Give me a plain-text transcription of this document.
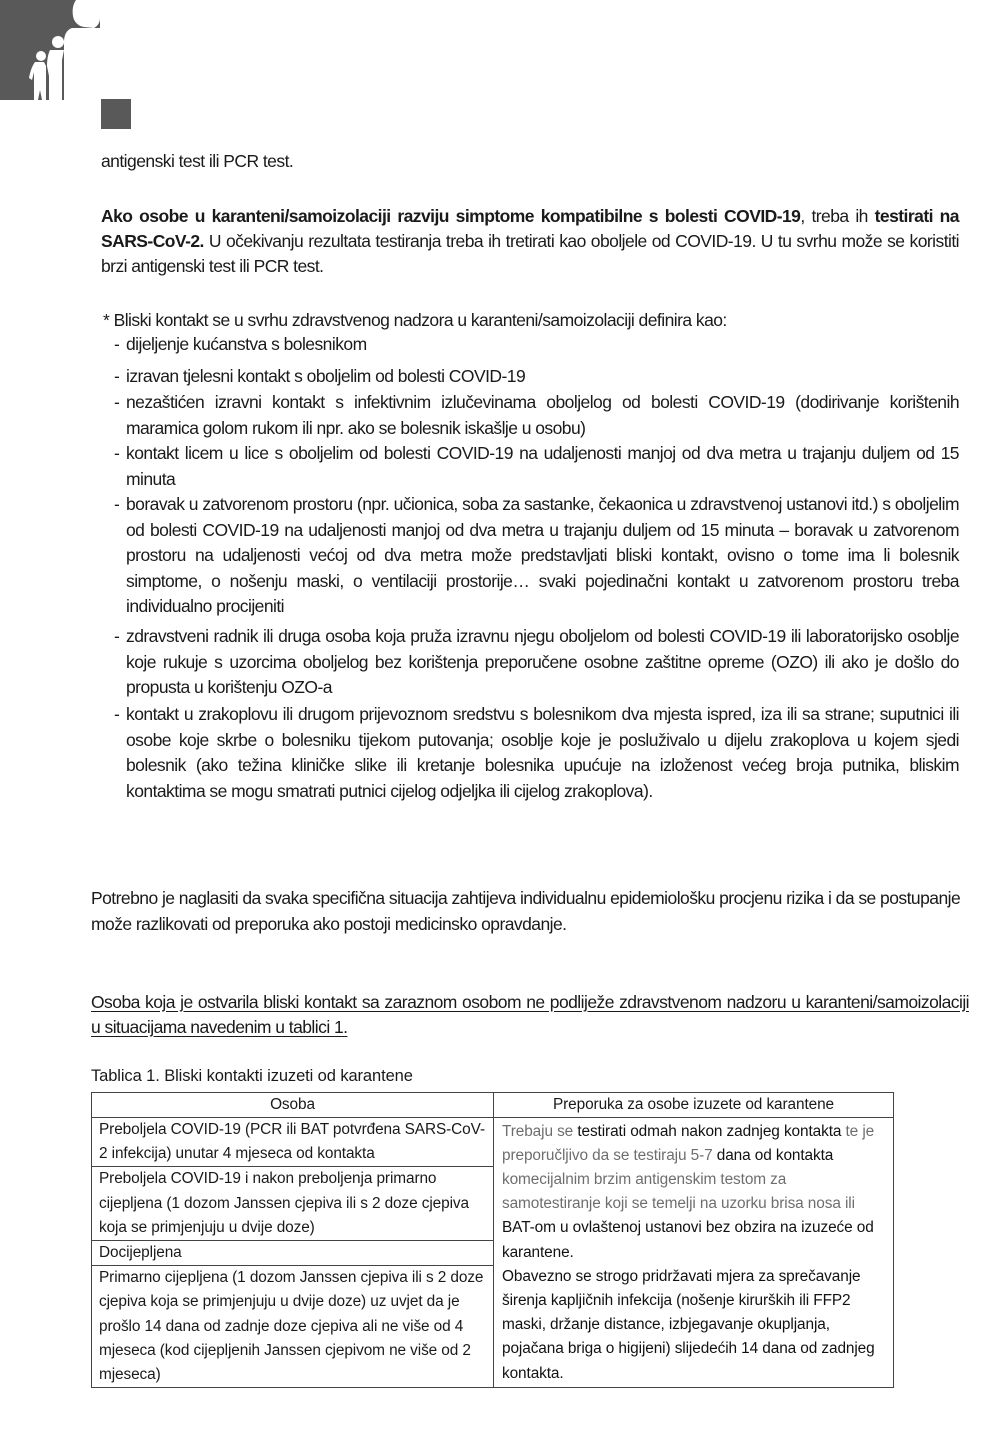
antigenski test ili PCR test.
Ako osobe u karanteni/samoizolaciji razviju simptome kompatibilne s bolesti COVID-19, treba ih testirati na SARS-CoV-2. U očekivanju rezultata testiranja treba ih tretirati kao oboljele od COVID-19. U tu svrhu može se koristiti brzi antigenski test ili PCR test.
* Bliski kontakt se u svrhu zdravstvenog nadzora u karanteni/samoizolaciji definira kao:
- dijeljenje kućanstva s bolesnikom
- izravan tjelesni kontakt s oboljelim od bolesti COVID-19
- nezaštićen izravni kontakt s infektivnim izlučevinama oboljelog od bolesti COVID-19 (dodirivanje korištenih maramica golom rukom ili npr. ako se bolesnik iskašlje u osobu)
- kontakt licem u lice s oboljelim od bolesti COVID-19 na udaljenosti manjoj od dva metra u trajanju duljem od 15 minuta
- boravak u zatvorenom prostoru (npr. učionica, soba za sastanke, čekaonica u zdravstvenoj ustanovi itd.) s oboljelim od bolesti COVID-19 na udaljenosti manjoj od dva metra u trajanju duljem od 15 minuta – boravak u zatvorenom prostoru na udaljenosti većoj od dva metra može predstavljati bliski kontakt, ovisno o tome ima li bolesnik simptome, o nošenju maski, o ventilaciji prostorije… svaki pojedinačni kontakt u zatvorenom prostoru treba individualno procijeniti
- zdravstveni radnik ili druga osoba koja pruža izravnu njegu oboljelom od bolesti COVID-19 ili laboratorijsko osoblje koje rukuje s uzorcima oboljelog bez korištenja preporučene osobne zaštitne opreme (OZO) ili ako je došlo do propusta u korištenju OZO-a
- kontakt u zrakoplovu ili drugom prijevoznom sredstvu s bolesnikom dva mjesta ispred, iza ili sa strane; suputnici ili osobe koje skrbe o bolesniku tijekom putovanja; osoblje koje je posluživalo u dijelu zrakoplova u kojem sjedi bolesnik (ako težina kliničke slike ili kretanje bolesnika upućuje na izloženost većeg broja putnika, bliskim kontaktima se mogu smatrati putnici cijelog odjeljka ili cijelog zrakoplova).
Potrebno je naglasiti da svaka specifična situacija zahtijeva individualnu epidemiološku procjenu rizika i da se postupanje može razlikovati od preporuka ako postoji medicinsko opravdanje.
Osoba koja je ostvarila bliski kontakt sa zaraznom osobom ne podliježe zdravstvenom nadzoru u karanteni/samoizolaciji u situacijama navedenim u tablici 1.
Tablica 1. Bliski kontakti izuzeti od karantene
Osoba	Preporuka za osobe izuzete od karantene
Preboljela COVID-19 (PCR ili BAT potvrđena SARS-CoV-2 infekcija) unutar 4 mjeseca od kontakta	Trebaju se testirati odmah nakon zadnjeg kontakta te je preporučljivo da se testiraju 5-7 dana od kontakta komecijalnim brzim antigenskim testom za samotestiranje koji se temelji na uzorku brisa nosa ili BAT-om u ovlaštenoj ustanovi bez obzira na izuzeće od karantene.
Obavezno se strogo pridržavati mjera za sprečavanje širenja kapljičnih infekcija (nošenje kirurških ili FFP2 maski, držanje distance, izbjegavanje okupljanja, pojačana briga o higijeni) slijedećih 14 dana od zadnjeg kontakta.
Preboljela COVID-19 i nakon preboljenja primarno cijepljena (1 dozom Janssen cjepiva ili s 2 doze cjepiva koja se primjenjuju u dvije doze)	
Docijepljena	
Primarno cijepljena (1 dozom Janssen cjepiva ili s 2 doze cjepiva koja se primjenjuju u dvije doze) uz uvjet da je prošlo 14 dana od zadnje doze cjepiva ali ne više od 4 mjeseca (kod cijepljenih Janssen cjepivom ne više od 2 mjeseca)	
